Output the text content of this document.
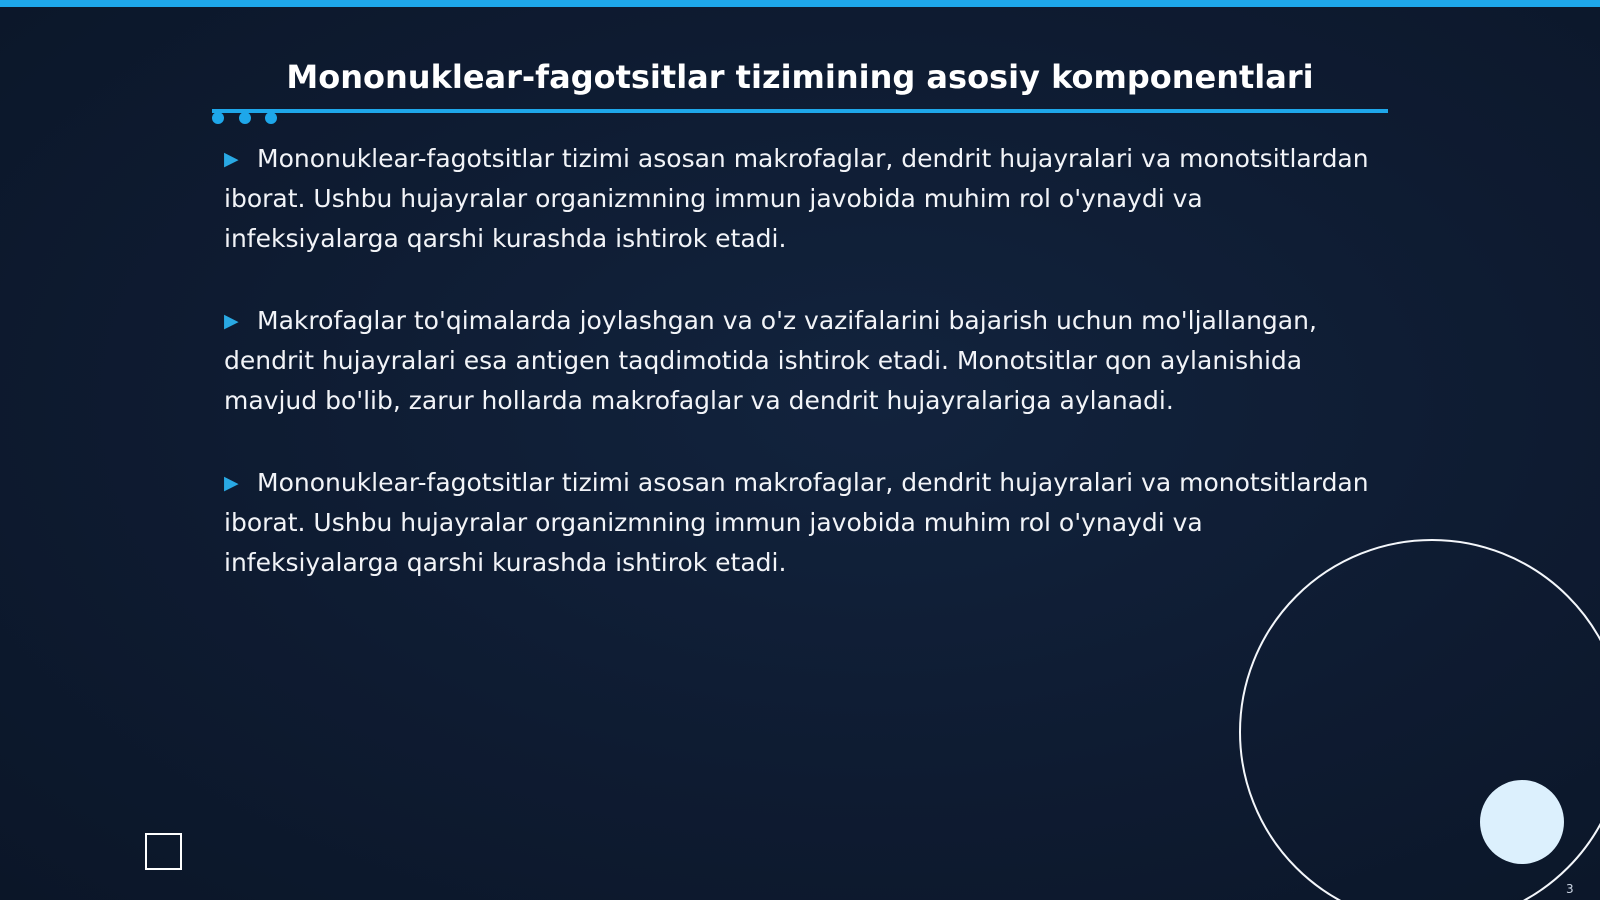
Mononuklear-fagotsitlar tizimining asosiy komponentlari

▶ Mononuklear-fagotsitlar tizimi asosan makrofaglar, dendrit hujayralari va monotsitlardan iborat. Ushbu hujayralar organizmning immun javobida muhim rol o'ynaydi va infeksiyalarga qarshi kurashda ishtirok etadi.

▶ Makrofaglar to'qimalarda joylashgan va o'z vazifalarini bajarish uchun mo'ljallangan, dendrit hujayralari esa antigen taqdimotida ishtirok etadi. Monotsitlar qon aylanishida mavjud bo'lib, zarur hollarda makrofaglar va dendrit hujayralariga aylanadi.

▶ Mononuklear-fagotsitlar tizimi asosan makrofaglar, dendrit hujayralari va monotsitlardan iborat. Ushbu hujayralar organizmning immun javobida muhim rol o'ynaydi va infeksiyalarga qarshi kurashda ishtirok etadi.

3
